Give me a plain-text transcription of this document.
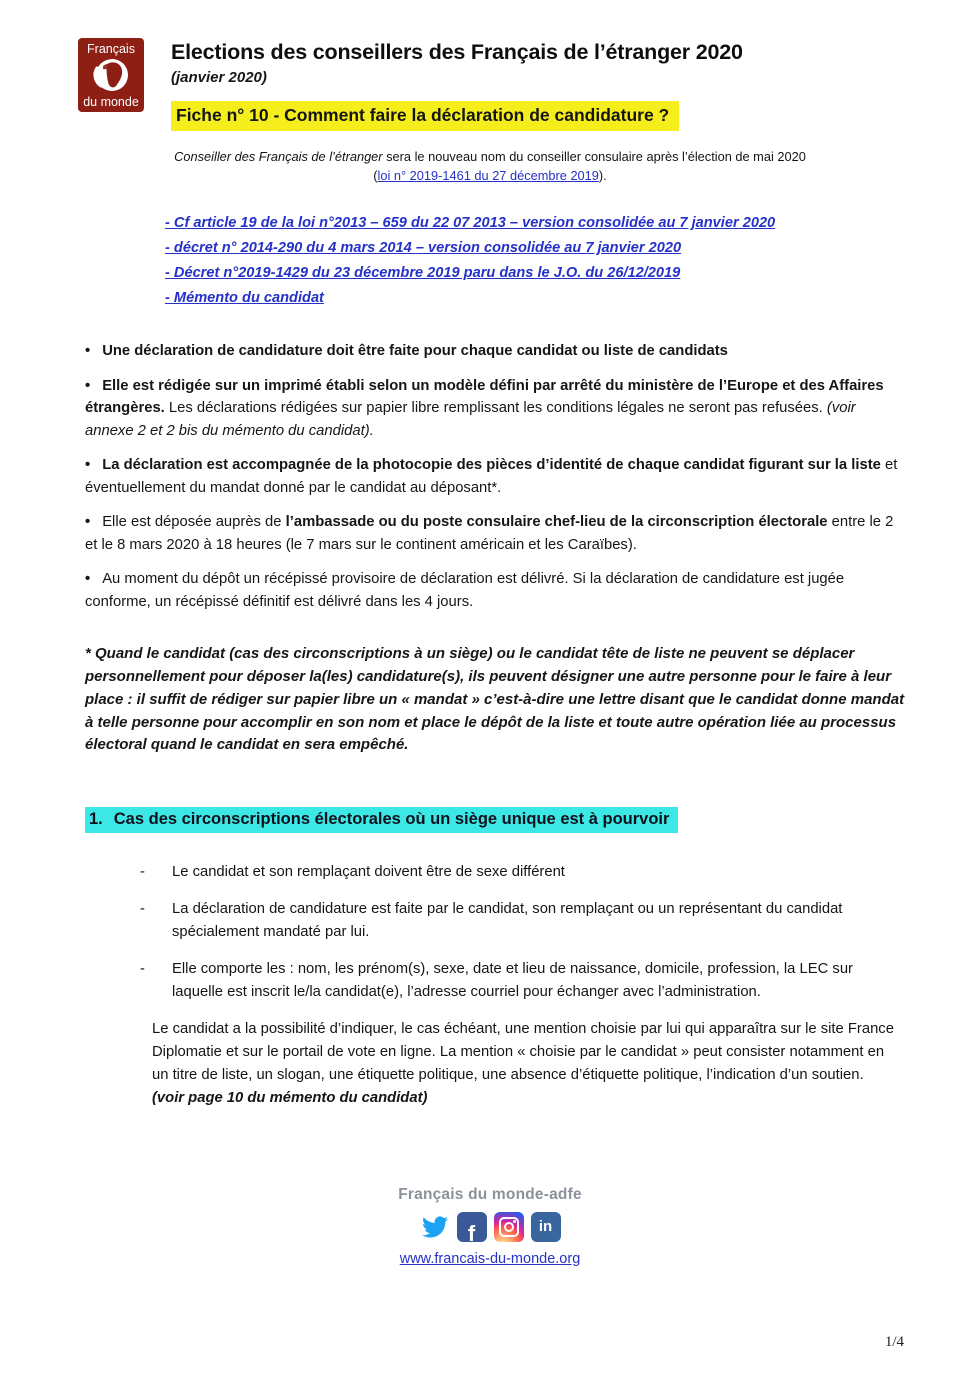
Français
du monde
Elections des conseillers des Français de l’étranger 2020
(janvier 2020)
Fiche n° 10 - Comment faire la déclaration de candidature ?
Conseiller des Français de l’étranger sera le nouveau nom du conseiller consulaire après l’élection de mai 2020
(loi n° 2019-1461 du 27 décembre 2019).
- Cf article 19 de la loi n°2013 – 659 du 22 07 2013 – version consolidée au 7 janvier 2020
- décret n° 2014-290 du 4 mars 2014 – version consolidée au 7 janvier 2020
- Décret n°2019-1429 du 23 décembre 2019 paru dans le J.O. du 26/12/2019
- Mémento du candidat

• Une déclaration de candidature doit être faite pour chaque candidat ou liste de candidats

• Elle est rédigée sur un imprimé établi selon un modèle défini par arrêté du ministère de l’Europe et des Affaires étrangères. Les déclarations rédigées sur papier libre remplissant les conditions légales ne seront pas refusées. (voir annexe 2 et 2 bis du mémento du candidat).

• La déclaration est accompagnée de la photocopie des pièces d’identité de chaque candidat figurant sur la liste et éventuellement du mandat donné par le candidat au déposant*.

• Elle est déposée auprès de l’ambassade ou du poste consulaire chef-lieu de la circonscription électorale entre le 2 et le 8 mars 2020 à 18 heures (le 7 mars sur le continent américain et les Caraïbes).

• Au moment du dépôt un récépissé provisoire de déclaration est délivré. Si la déclaration de candidature est jugée conforme, un récépissé définitif est délivré dans les 4 jours.

* Quand le candidat (cas des circonscriptions à un siège) ou le candidat tête de liste ne peuvent se déplacer personnellement pour déposer la(les) candidature(s), ils peuvent désigner une autre personne pour le faire à leur place : il suffit de rédiger sur papier libre un « mandat » c’est-à-dire une lettre disant que le candidat donne mandat à telle personne pour accomplir en son nom et place le dépôt de la liste et toute autre opération liée au processus électoral quand le candidat en sera empêché.
1. Cas des circonscriptions électorales où un siège unique est à pourvoir
-	Le candidat et son remplaçant doivent être de sexe différent
-	La déclaration de candidature est faite par le candidat, son remplaçant ou un représentant du candidat spécialement mandaté par lui.
-	Elle comporte les : nom, les prénom(s), sexe, date et lieu de naissance, domicile, profession, la LEC sur laquelle est inscrit le/la candidat(e), l’adresse courriel pour échanger avec l’administration.
Le candidat a la possibilité d’indiquer, le cas échéant, une mention choisie par lui qui apparaîtra sur le site France Diplomatie et sur le portail de vote en ligne. La mention « choisie par le candidat » peut consister notamment en un titre de liste, un slogan, une étiquette politique, une absence d’étiquette politique, l’indication d’un soutien. (voir page 10 du mémento du candidat)
Français du monde-adfe
f	in
www.francais-du-monde.org
1/4
